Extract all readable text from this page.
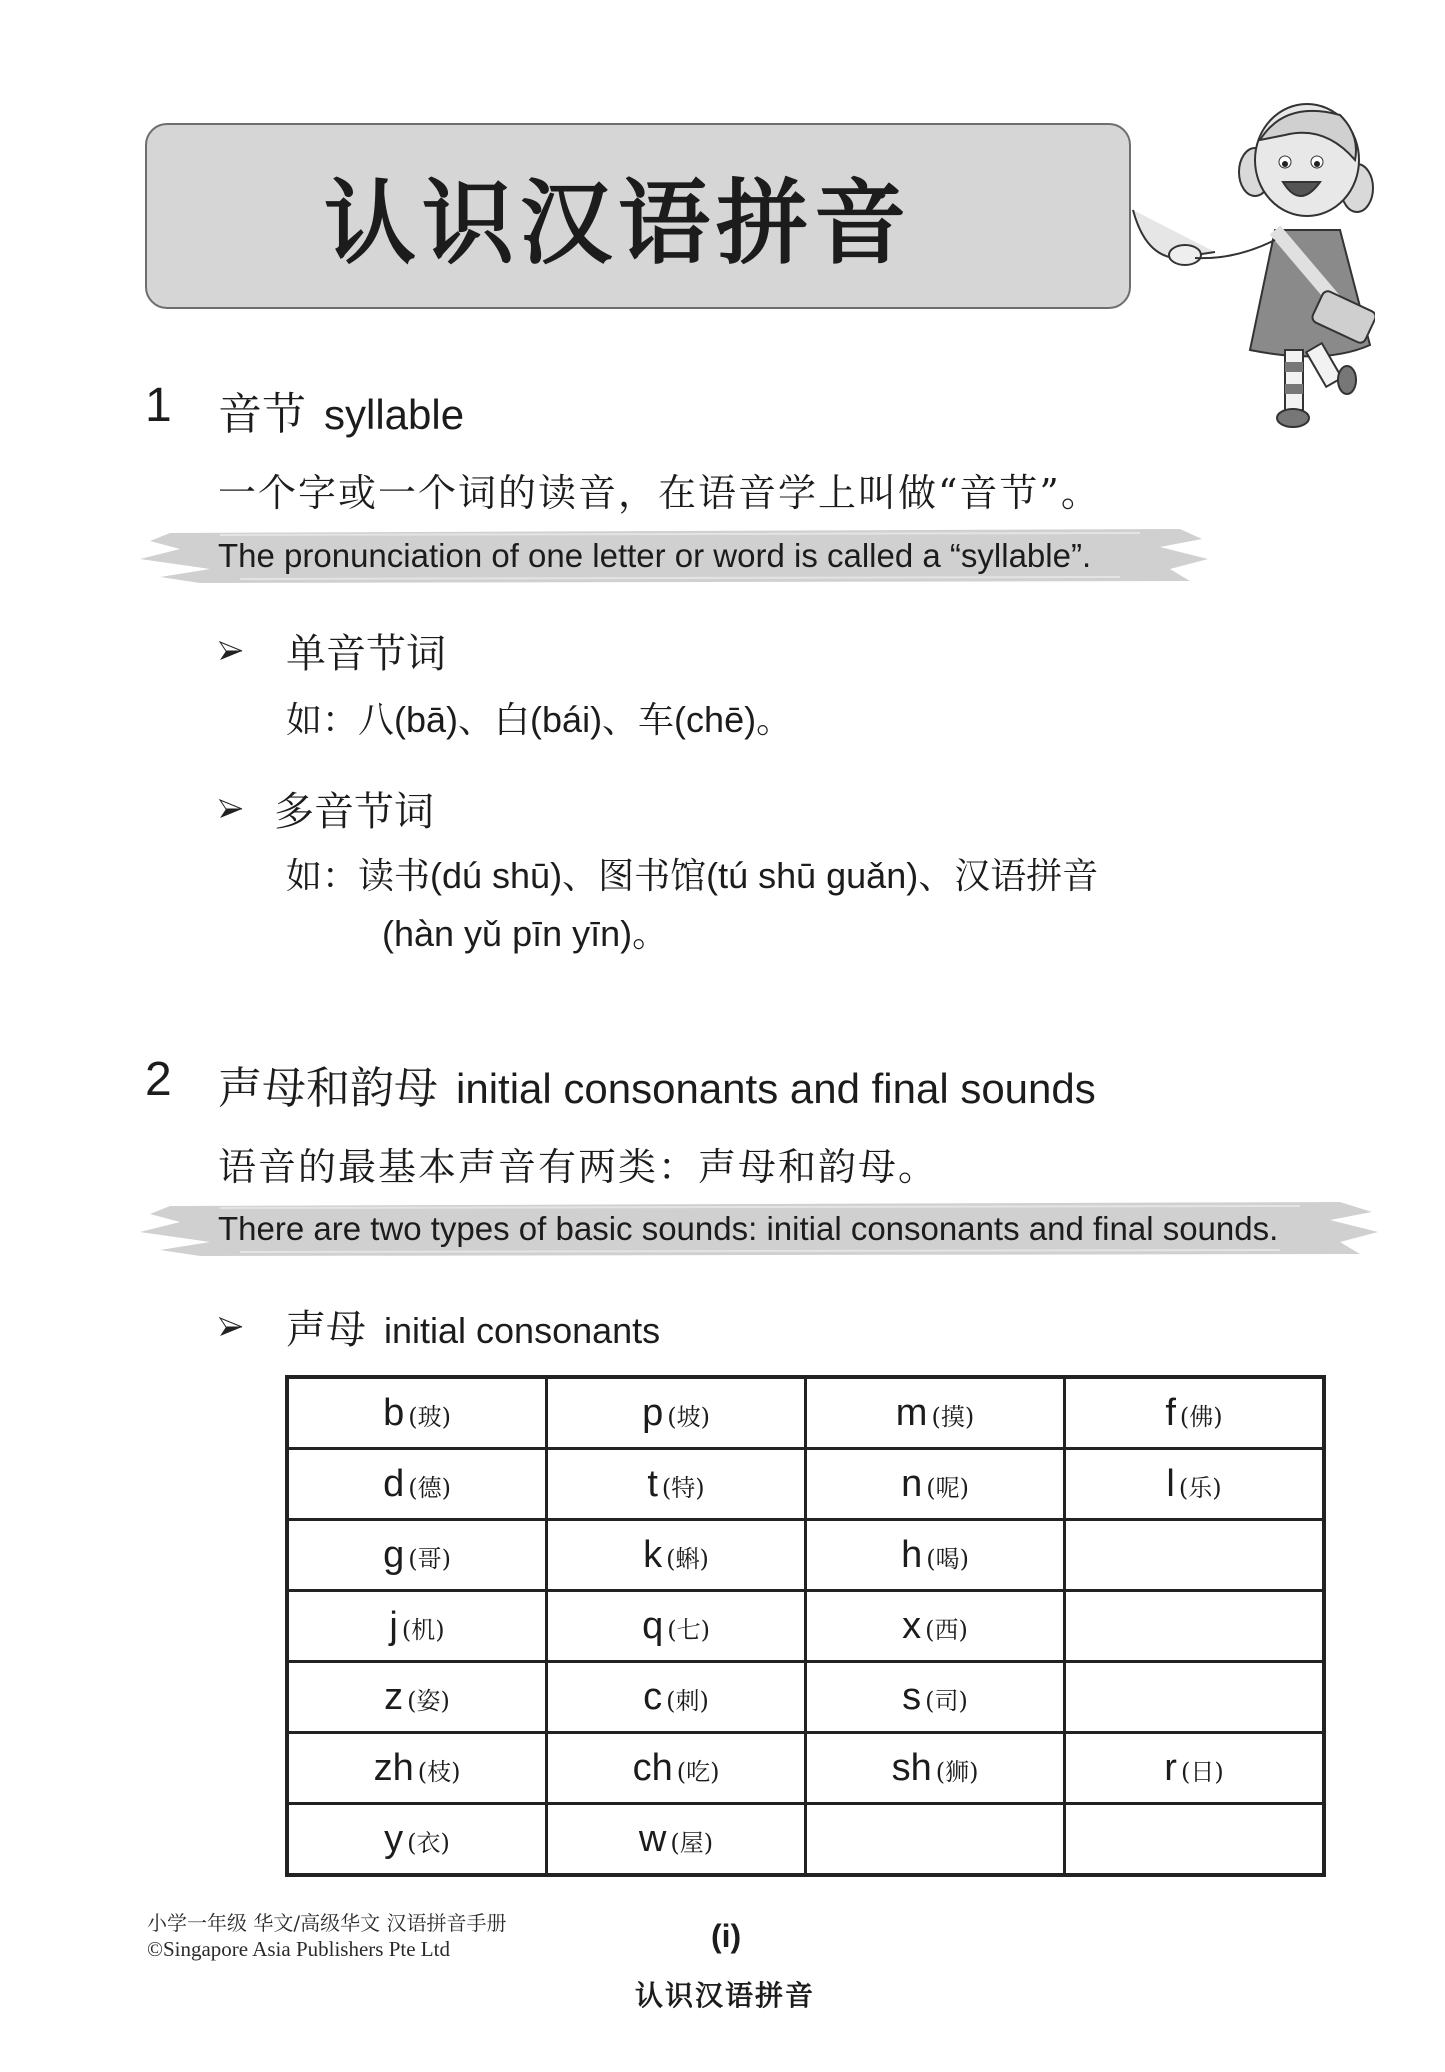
认识汉语拼音
1 音节 syllable
一个字或一个词的读音，在语音学上叫做“音节”。
The pronunciation of one letter or word is called a “syllable”.
单音节词
如：八(bā)、白(bái)、车(chē)。
多音节词
如：读书(dú shū)、图书馆(tú shū guǎn)、汉语拼音
(hàn yǔ pīn yīn)。
2 声母和韵母 initial consonants and final sounds
语音的最基本声音有两类：声母和韵母。
There are two types of basic sounds: initial consonants and final sounds.
声母 initial consonants
b (玻)	p (坡)	m (摸)	f (佛)
d (德)	t (特)	n (呢)	l (乐)
g (哥)	k (蝌)	h (喝)	
j (机)	q (七)	x (西)	
z (姿)	c (刺)	s (司)	
zh (枝)	ch (吃)	sh (狮)	r (日)
y (衣)	w (屋)		
小学一年级 华文/高级华文 汉语拼音手册
©Singapore Asia Publishers Pte Ltd	(i)
认识汉语拼音
